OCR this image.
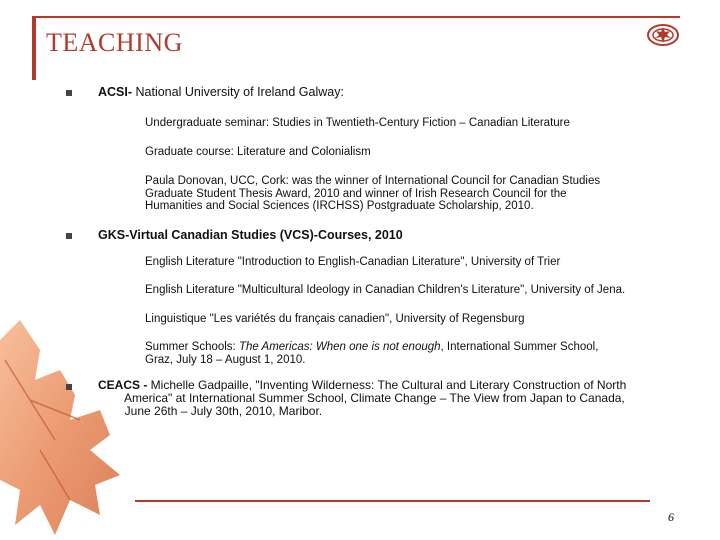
TEACHING
ACSI- National University of Ireland Galway:
Undergraduate seminar: Studies in Twentieth-Century Fiction – Canadian Literature
Graduate course: Literature and Colonialism
Paula Donovan, UCC, Cork: was the winner of International Council for Canadian Studies
Graduate Student Thesis Award, 2010 and winner of Irish Research Council for the
Humanities and Social Sciences (IRCHSS) Postgraduate Scholarship, 2010.
GKS-Virtual Canadian Studies (VCS)-Courses, 2010
English Literature "Introduction to English-Canadian Literature", University of Trier
English Literature "Multicultural Ideology in Canadian Children's Literature", University of Jena.
Linguistique "Les variétés du français canadien", University of Regensburg
Summer Schools: The Americas: When one is not enough, International Summer School,
Graz, July 18 – August 1, 2010.
CEACS - Michelle Gadpaille, "Inventing Wilderness: The Cultural and Literary Construction of North
America" at International Summer School, Climate Change – The View from Japan to Canada,
June 26th – July 30th, 2010, Maribor.
6
